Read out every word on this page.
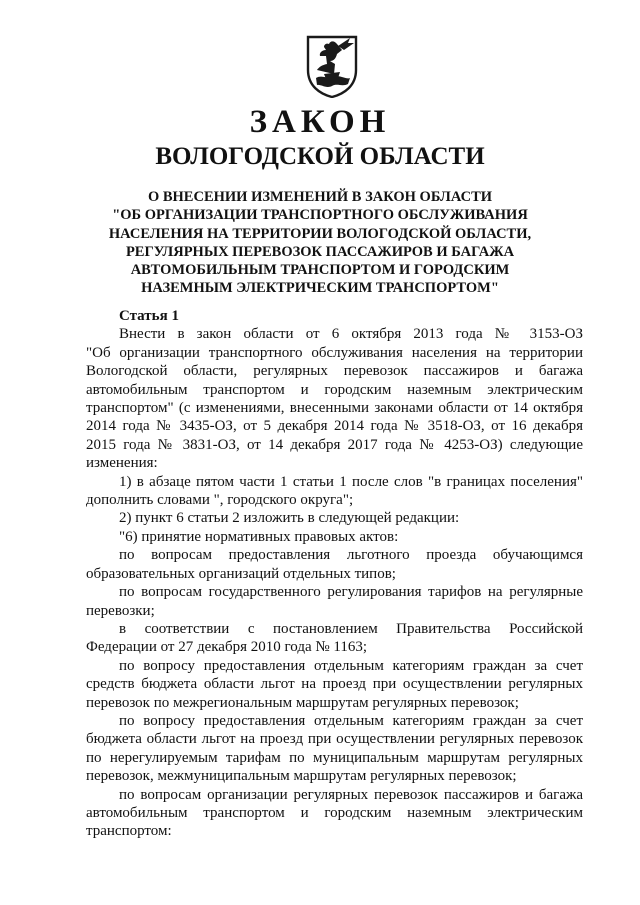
ЗАКОН
ВОЛОГОДСКОЙ ОБЛАСТИ
О ВНЕСЕНИИ ИЗМЕНЕНИЙ В ЗАКОН ОБЛАСТИ
"ОБ ОРГАНИЗАЦИИ ТРАНСПОРТНОГО ОБСЛУЖИВАНИЯ
НАСЕЛЕНИЯ НА ТЕРРИТОРИИ ВОЛОГОДСКОЙ ОБЛАСТИ,
РЕГУЛЯРНЫХ ПЕРЕВОЗОК ПАССАЖИРОВ И БАГАЖА
АВТОМОБИЛЬНЫМ ТРАНСПОРТОМ И ГОРОДСКИМ
НАЗЕМНЫМ ЭЛЕКТРИЧЕСКИМ ТРАНСПОРТОМ"

Статья 1

Внести в закон области от 6 октября 2013 года № 3153-ОЗ

"Об организации транспортного обслуживания населения на территории

Вологодской области, регулярных перевозок пассажиров и багажа

автомобильным транспортом и городским наземным электрическим

транспортом" (с изменениями, внесенными законами области от 14 октября

2014 года № 3435-ОЗ, от 5 декабря 2014 года № 3518-ОЗ, от 16 декабря

2015 года № 3831-ОЗ, от 14 декабря 2017 года № 4253-ОЗ) следующие

изменения:

1) в абзаце пятом части 1 статьи 1 после слов "в границах поселения"

дополнить словами ", городского округа";

2) пункт 6 статьи 2 изложить в следующей редакции:

"6) принятие нормативных правовых актов:

по вопросам предоставления льготного проезда обучающимся

образовательных организаций отдельных типов;

по вопросам государственного регулирования тарифов на регулярные

перевозки;

в соответствии с постановлением Правительства Российской

Федерации от 27 декабря 2010 года № 1163;

по вопросу предоставления отдельным категориям граждан за счет

средств бюджета области льгот на проезд при осуществлении регулярных

перевозок по межрегиональным маршрутам регулярных перевозок;

по вопросу предоставления отдельным категориям граждан за счет

бюджета области льгот на проезд при осуществлении регулярных перевозок

по нерегулируемым тарифам по муниципальным маршрутам регулярных

перевозок, межмуниципальным маршрутам регулярных перевозок;

по вопросам организации регулярных перевозок пассажиров и багажа

автомобильным транспортом и городским наземным электрическим

транспортом:
